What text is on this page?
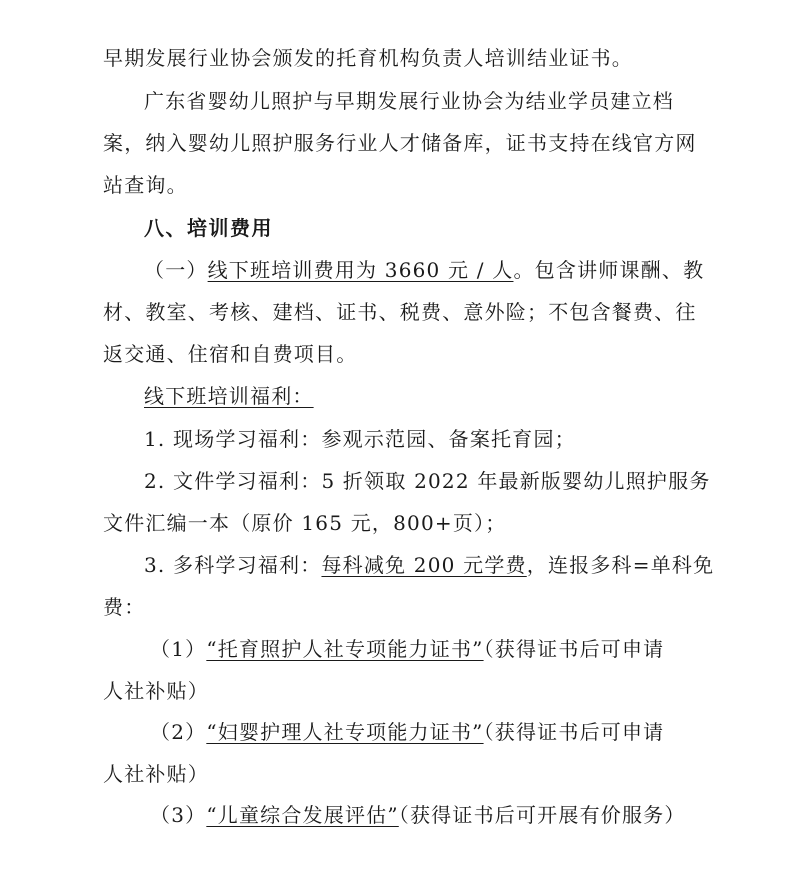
早期发展行业协会颁发的托育机构负责人培训结业证书。
广东省婴幼儿照护与早期发展行业协会为结业学员建立档
案，纳入婴幼儿照护服务行业人才储备库，证书支持在线官方网
站查询。
八、培训费用
（一）线下班培训费用为 3660 元 / 人。包含讲师课酬、教
材、教室、考核、建档、证书、税费、意外险；不包含餐费、往
返交通、住宿和自费项目。
线下班培训福利：
1. 现场学习福利：参观示范园、备案托育园；
2. 文件学习福利：5 折领取 2022 年最新版婴幼儿照护服务
文件汇编一本（原价 165 元，800+页）；
3. 多科学习福利：每科减免 200 元学费，连报多科=单科免
费：
（1）“托育照护人社专项能力证书”（获得证书后可申请
人社补贴）
（2）“妇婴护理人社专项能力证书”（获得证书后可申请
人社补贴）
（3）“儿童综合发展评估”（获得证书后可开展有价服务）
